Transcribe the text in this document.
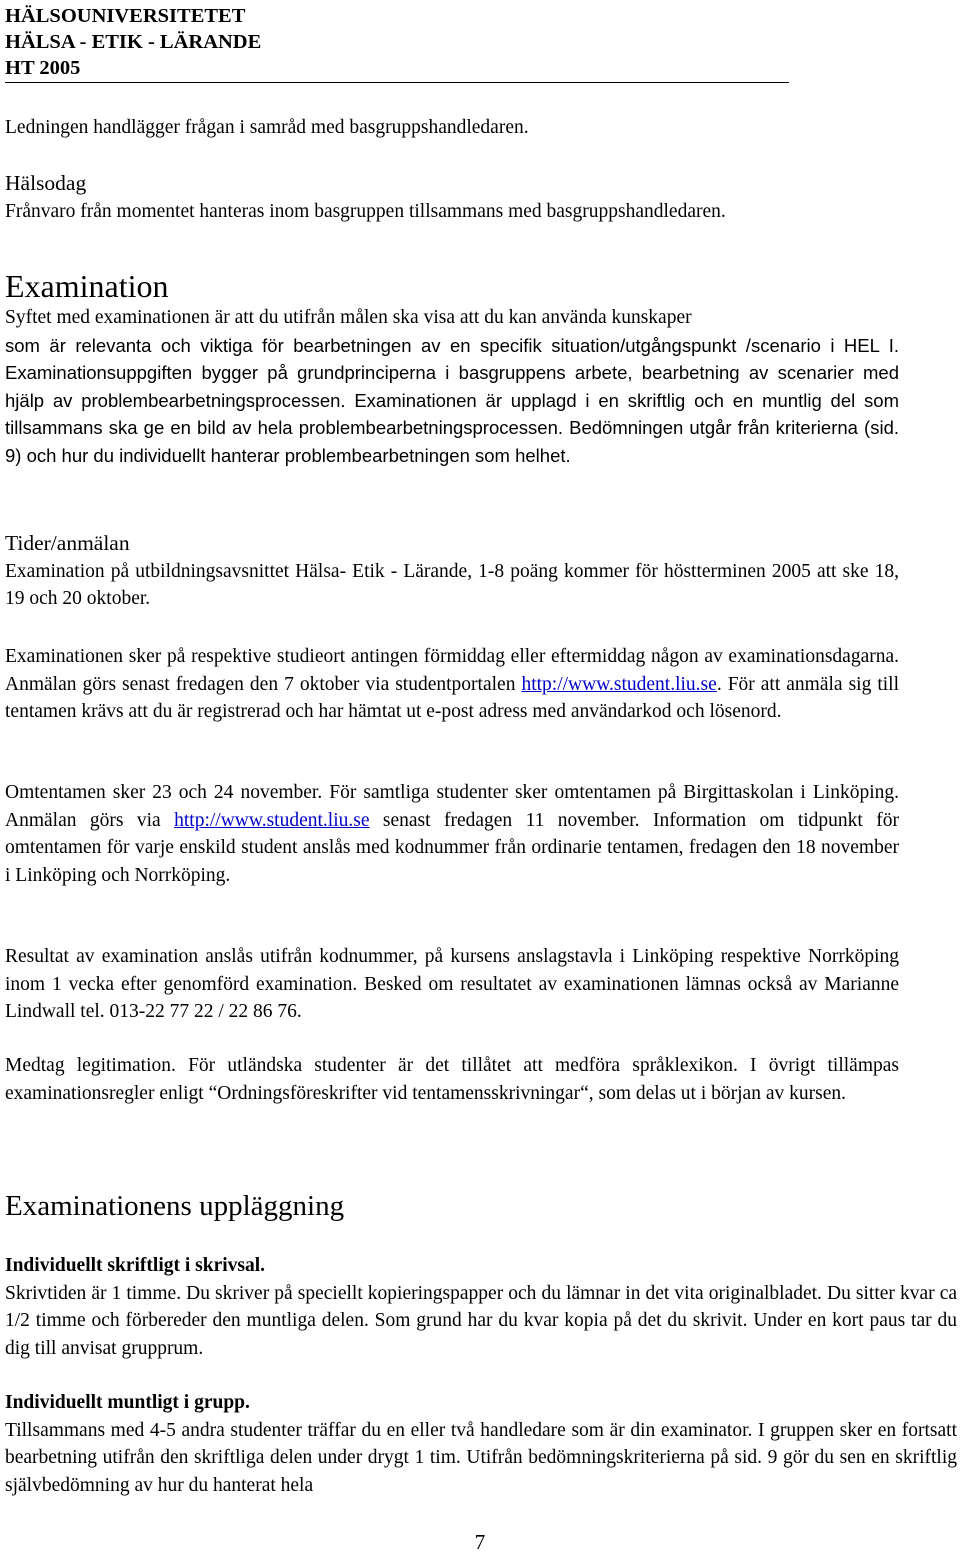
HÄLSOUNIVERSITETET
HÄLSA - ETIK - LÄRANDE
HT 2005

Ledningen handlägger frågan i samråd med basgruppshandledaren.

Hälsodag

Frånvaro från momentet hanteras inom basgruppen tillsammans med basgruppshandledaren.

Examination

Syftet med examinationen är att du utifrån målen ska visa att du kan använda kunskaper

som är relevanta och viktiga för bearbetningen av en specifik situation/utgångspunkt /scenario i HEL I. Examinationsuppgiften bygger på grundprinciperna i basgruppens arbete, bearbetning av scenarier med hjälp av problembearbetningsprocessen. Examinationen är upplagd i en skriftlig och en muntlig del som tillsammans ska ge en bild av hela problembearbetningsprocessen. Bedömningen utgår från kriterierna (sid. 9) och hur du individuellt hanterar problembearbetningen som helhet.

Tider/anmälan

Examination på utbildningsavsnittet Hälsa- Etik - Lärande, 1-8 poäng kommer för höstterminen 2005 att ske 18, 19 och 20 oktober.

Examinationen sker på respektive studieort antingen förmiddag eller eftermiddag någon av examinationsdagarna. Anmälan görs senast fredagen den 7 oktober via studentportalen http://www.student.liu.se. För att anmäla sig till tentamen krävs att du är registrerad och har hämtat ut e-post adress med användarkod och lösenord.

Omtentamen sker 23 och 24 november. För samtliga studenter sker omtentamen på Birgittaskolan i Linköping. Anmälan görs via http://www.student.liu.se senast fredagen 11 november. Information om tidpunkt för omtentamen för varje enskild student anslås med kodnummer från ordinarie tentamen, fredagen den 18 november i Linköping och Norrköping.

Resultat av examination anslås utifrån kodnummer, på kursens anslagstavla i Linköping respektive Norrköping inom 1 vecka efter genomförd examination. Besked om resultatet av examinationen lämnas också av Marianne Lindwall tel. 013-22 77 22 / 22 86 76.

Medtag legitimation. För utländska studenter är det tillåtet att medföra språklexikon. I övrigt tillämpas examinationsregler enligt “Ordningsföreskrifter vid tentamensskrivningar“, som delas ut i början av kursen.

Examinationens uppläggning

Individuellt skriftligt i skrivsal.

Skrivtiden är 1 timme. Du skriver på speciellt kopieringspapper och du lämnar in det vita originalbladet. Du sitter kvar ca 1/2 timme och förbereder den muntliga delen. Som grund har du kvar kopia på det du skrivit. Under en kort paus tar du dig till anvisat grupprum.

Individuellt muntligt i grupp.

Tillsammans med 4-5 andra studenter träffar du en eller två handledare som är din examinator. I gruppen sker en fortsatt bearbetning utifrån den skriftliga delen under drygt 1 tim. Utifrån bedömningskriterierna på sid. 9 gör du sen en skriftlig självbedömning av hur du hanterat hela

7
